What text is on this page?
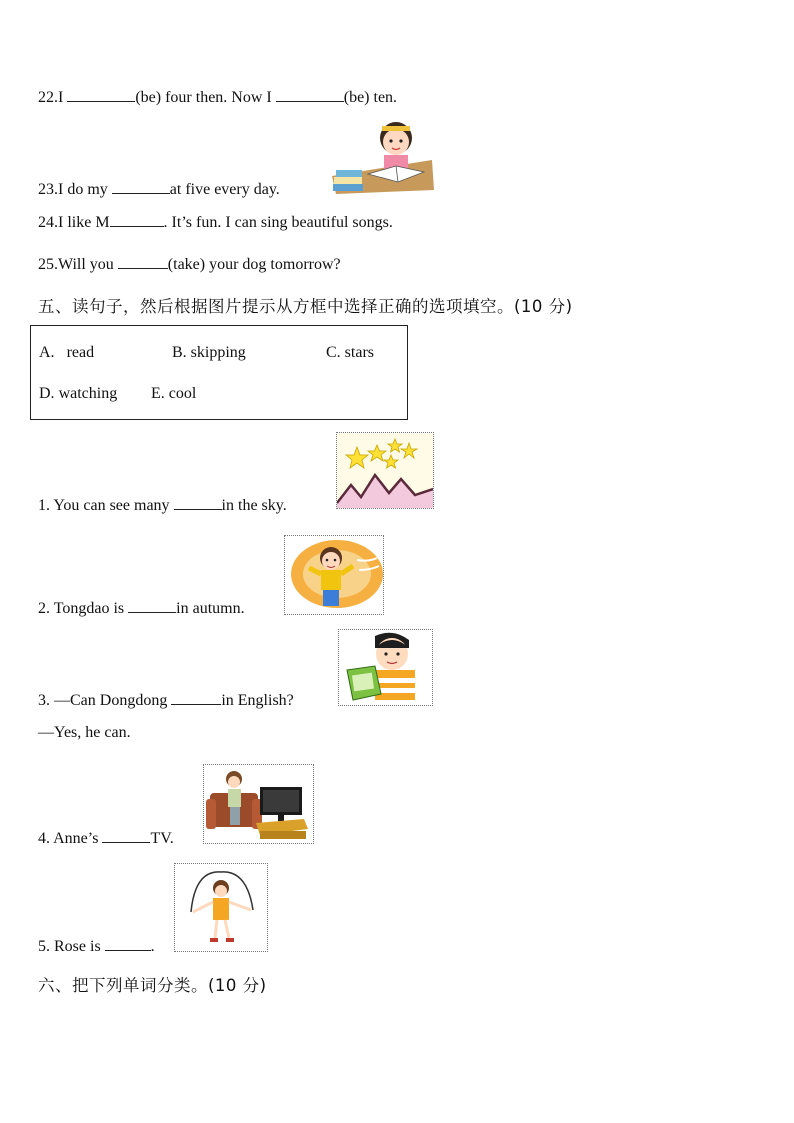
22.I	(be) four then. Now I	(be) ten.
23.I do my	at five every day.
24.I like M	. It’s fun. I can sing beautiful songs.
25.Will you	(take) your dog tomorrow?
五、读句子，然后根据图片提示从方框中选择正确的选项填空。(10 分)
A. read	B. skipping	C. stars
D. watching E. cool
1. You can see many	in the sky.
2. Tongdao is	in autumn.
3. —Can Dongdong	in English?
—Yes, he can.
4. Anne’s	TV.
5. Rose is	.
六、把下列单词分类。(10 分)
